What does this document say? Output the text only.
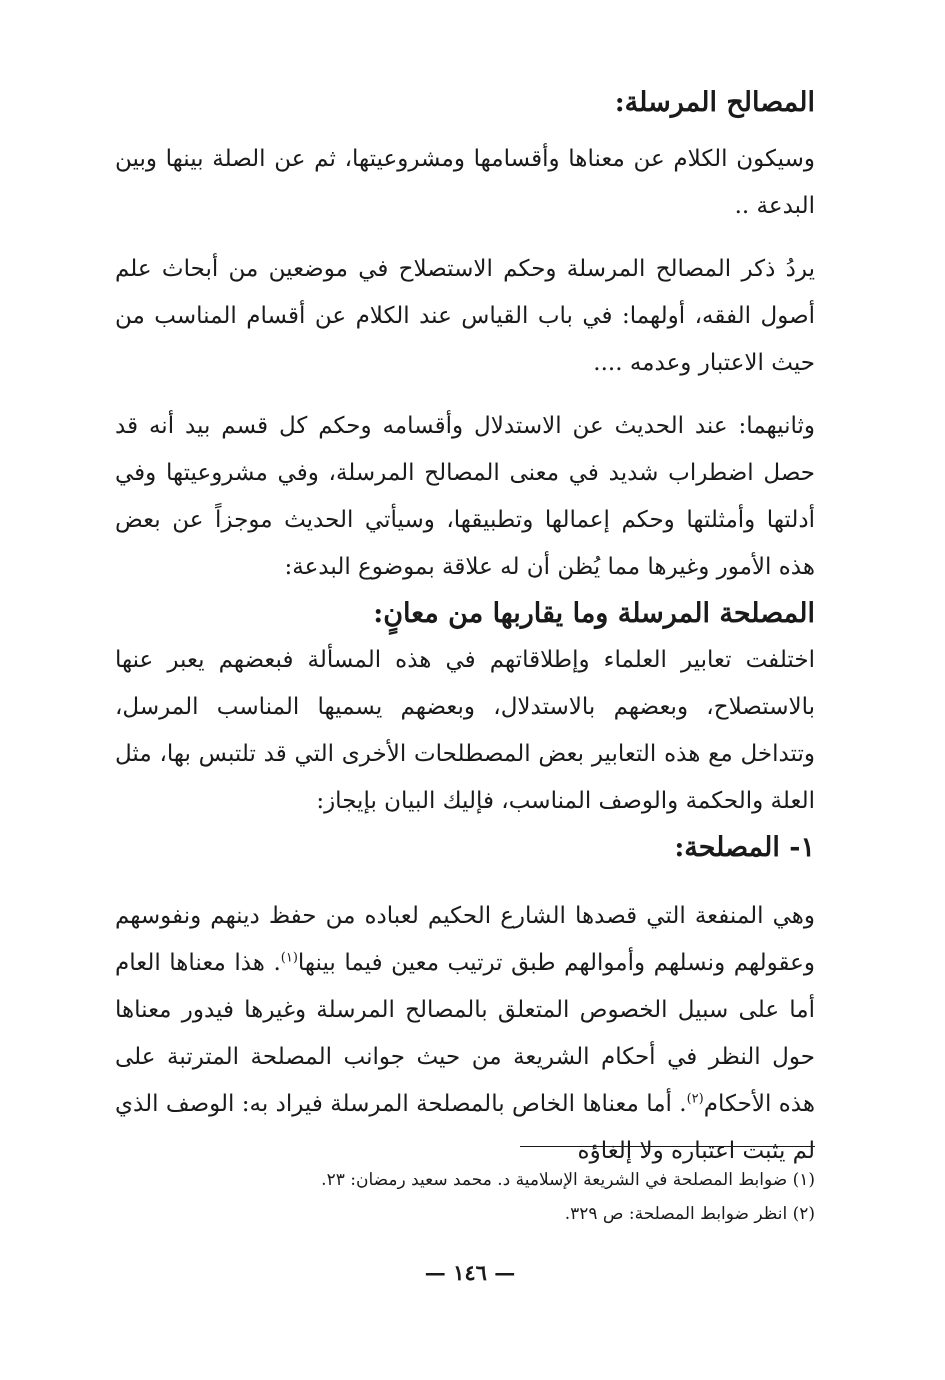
المصالح المرسلة:

وسيكون الكلام عن معناها وأقسامها ومشروعيتها، ثم عن الصلة بينها وبين البدعة ..

يردُ ذكر المصالح المرسلة وحكم الاستصلاح في موضعين من أبحاث علم أصول الفقه، أولهما: في باب القياس عند الكلام عن أقسام المناسب من حيث الاعتبار وعدمه ....

وثانيهما: عند الحديث عن الاستدلال وأقسامه وحكم كل قسم بيد أنه قد حصل اضطراب شديد في معنى المصالح المرسلة، وفي مشروعيتها وفي أدلتها وأمثلتها وحكم إعمالها وتطبيقها، وسيأتي الحديث موجزاً عن بعض هذه الأمور وغيرها مما يُظن أن له علاقة بموضوع البدعة:

المصلحة المرسلة وما يقاربها من معانٍ:

اختلفت تعابير العلماء وإطلاقاتهم في هذه المسألة فبعضهم يعبر عنها بالاستصلاح، وبعضهم بالاستدلال، وبعضهم يسميها المناسب المرسل، وتتداخل مع هذه التعابير بعض المصطلحات الأخرى التي قد تلتبس بها، مثل العلة والحكمة والوصف المناسب، فإليك البيان بإيجاز:

١- المصلحة:

وهي المنفعة التي قصدها الشارع الحكيم لعباده من حفظ دينهم ونفوسهم وعقولهم ونسلهم وأموالهم طبق ترتيب معين فيما بينها$^{(١)}$. هذا معناها العام أما على سبيل الخصوص المتعلق بالمصالح المرسلة وغيرها فيدور معناها حول النظر في أحكام الشريعة من حيث جوانب المصلحة المترتبة على هذه الأحكام$^{(٢)}$. أما معناها الخاص بالمصلحة المرسلة فيراد به: الوصف الذي لم يثبت اعتباره ولا إلغاؤه

(١) ضوابط المصلحة في الشريعة الإسلامية د. محمد سعيد رمضان: ٢٣.

(٢) انظر ضوابط المصلحة: ص ٣٢٩.

— ١٤٦ —
